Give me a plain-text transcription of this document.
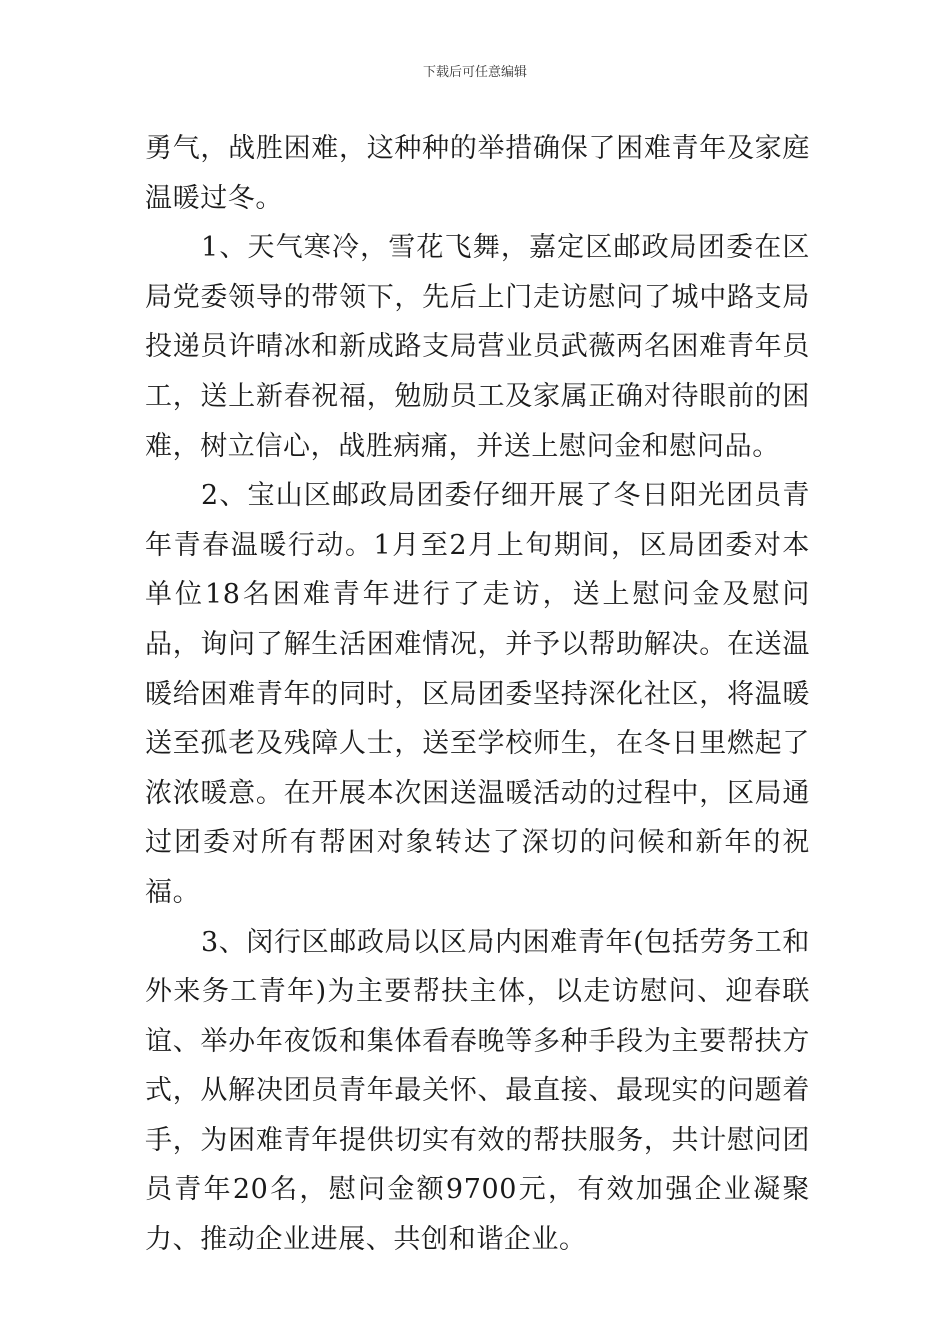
下载后可任意编辑

勇气，战胜困难，这种种的举措确保了困难青年及家庭温暖过冬。

1、天气寒冷，雪花飞舞，嘉定区邮政局团委在区局党委领导的带领下，先后上门走访慰问了城中路支局投递员许晴冰和新成路支局营业员武薇两名困难青年员工，送上新春祝福，勉励员工及家属正确对待眼前的困难，树立信心，战胜病痛，并送上慰问金和慰问品。

2、宝山区邮政局团委仔细开展了冬日阳光团员青年青春温暖行动。1月至2月上旬期间，区局团委对本单位18名困难青年进行了走访，送上慰问金及慰问品，询问了解生活困难情况，并予以帮助解决。在送温暖给困难青年的同时，区局团委坚持深化社区，将温暖送至孤老及残障人士，送至学校师生，在冬日里燃起了浓浓暖意。在开展本次困送温暖活动的过程中，区局通过团委对所有帮困对象转达了深切的问候和新年的祝福。

3、闵行区邮政局以区局内困难青年(包括劳务工和外来务工青年)为主要帮扶主体，以走访慰问、迎春联谊、举办年夜饭和集体看春晚等多种手段为主要帮扶方式，从解决团员青年最关怀、最直接、最现实的问题着手，为困难青年提供切实有效的帮扶服务，共计慰问团员青年20名，慰问金额9700元，有效加强企业凝聚力、推动企业进展、共创和谐企业。
